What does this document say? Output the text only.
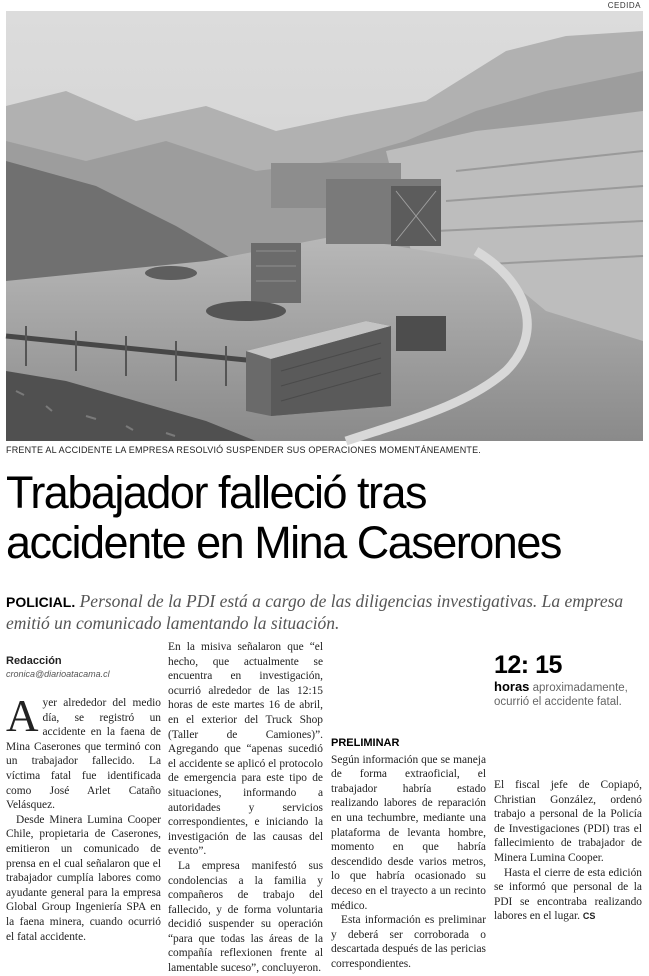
CEDIDA
FRENTE AL ACCIDENTE LA EMPRESA RESOLVIÓ SUSPENDER SUS OPERACIONES MOMENTÁNEAMENTE.
Trabajador falleció tras
accidente en Mina Caserones
POLICIAL. Personal de la PDI está a cargo de las diligencias investigativas. La empresa emitió un comunicado lamentando la situación.
Redacción
cronica@diarioatacama.cl

Ayer alrededor del medio día, se registró un accidente en la faena de Mina Caserones que terminó con un trabajador fallecido. La víctima fatal fue identificada como José Arlet Cataño Velásquez.

Desde Minera Lumina Cooper Chile, propietaria de Caserones, emitieron un comunicado de prensa en el cual señalaron que el trabajador cumplía labores como ayudante general para la empresa Global Group Ingeniería SPA en la faena minera, cuando ocurrió el fatal accidente.

En la misiva señalaron que “el hecho, que actualmente se encuentra en investigación, ocurrió alrededor de las 12:15 horas de este martes 16 de abril, en el exterior del Truck Shop (Taller de Camiones)”. Agregando que “apenas sucedió el accidente se aplicó el protocolo de emergencia para este tipo de situaciones, informando a autoridades y servicios correspondientes, e iniciando la investigación de las causas del evento”.

La empresa manifestó sus condolencias a la familia y compañeros de trabajo del fallecido, y de forma voluntaria decidió suspender su operación “para que todas las áreas de la compañía reflexionen frente al lamentable suceso”, concluyeron.

PRELIMINAR

Según información que se maneja de forma extraoficial, el trabajador habría estado realizando labores de reparación en una techumbre, mediante una plataforma de levanta hombre, momento en que habría descendido desde varios metros, lo que habría ocasionado su deceso en el trayecto a un recinto médico.

Esta información es preliminar y deberá ser corroborada o descartada después de las pericias correspondientes.

12: 15
horas aproximadamente, ocurrió el accidente fatal.

El fiscal jefe de Copiapó, Christian González, ordenó trabajo a personal de la Policía de Investigaciones (PDI) tras el fallecimiento de trabajador de Minera Lumina Cooper.

Hasta el cierre de esta edición se informó que personal de la PDI se encontraba realizando labores en el lugar. CS
